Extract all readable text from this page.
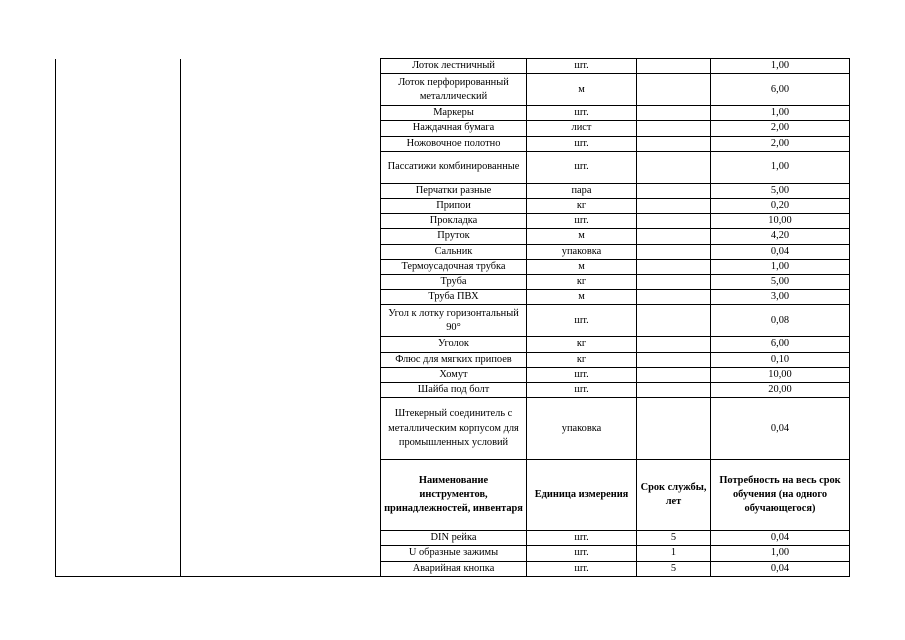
		Лоток лестничный	шт.		1,00
		Лоток перфорированный металлический	м		6,00
		Маркеры	шт.		1,00
		Наждачная бумага	лист		2,00
		Ножовочное полотно	шт.		2,00
		Пассатижи комбинированные	шт.		1,00
		Перчатки разные	пара		5,00
		Припои	кг		0,20
		Прокладка	шт.		10,00
		Пруток	м		4,20
		Сальник	упаковка		0,04
		Термоусадочная трубка	м		1,00
		Труба	кг		5,00
		Труба ПВХ	м		3,00
		Угол к лотку горизонтальный 90°	шт.		0,08
		Уголок	кг		6,00
		Флюс для мягких припоев	кг		0,10
		Хомут	шт.		10,00
		Шайба под болт	шт.		20,00
		Штекерный соединитель с металлическим корпусом для промышленных условий	упаковка		0,04
		Наименование инструментов, принадлежностей, инвентаря	Единица измерения	Срок службы, лет	Потребность на весь срок обучения (на одного обучающегося)
		DIN рейка	шт.	5	0,04
		U образные зажимы	шт.	1	1,00
		Аварийная кнопка	шт.	5	0,04
